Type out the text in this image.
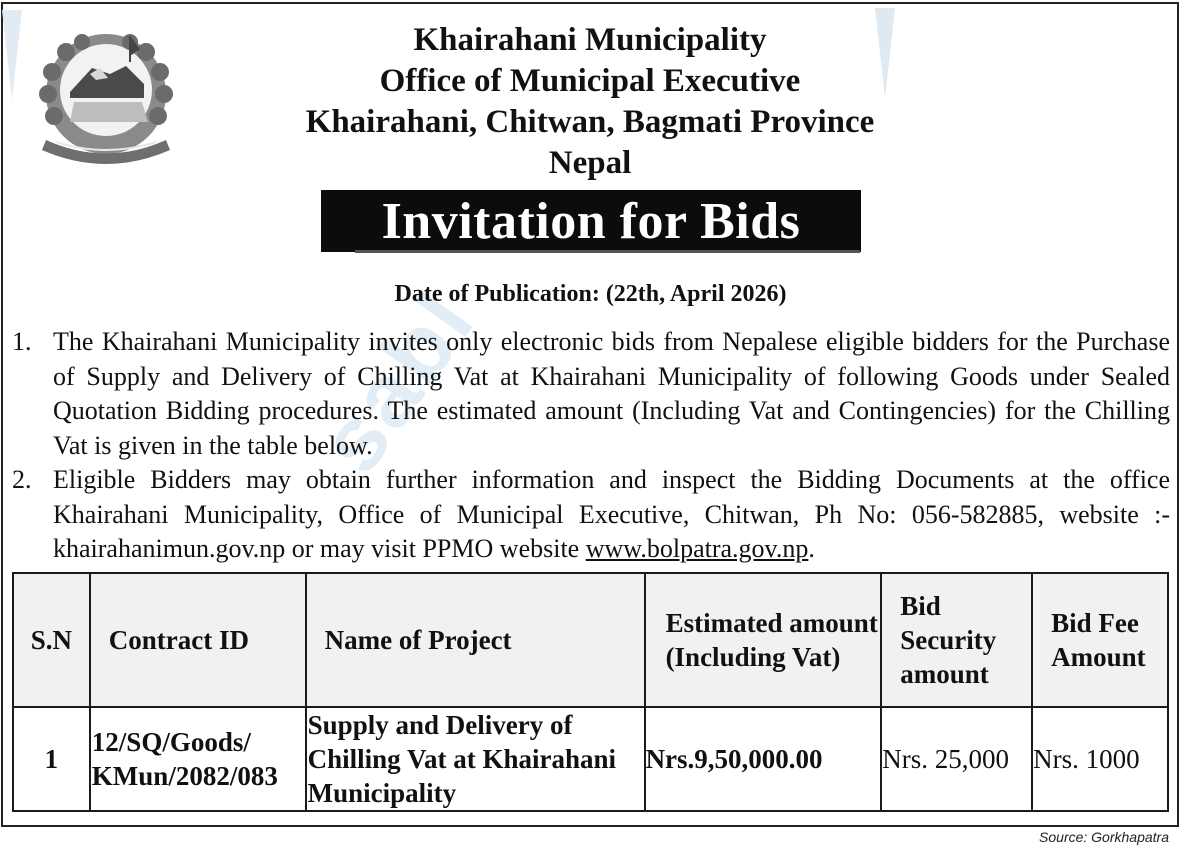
sabl
Khairahani Municipality
Office of Municipal Executive
Khairahani, Chitwan, Bagmati Province
Nepal
Invitation for Bids
Date of Publication: (22th, April 2026)
1. The Khairahani Municipality invites only electronic bids from Nepalese eligible bidders for the Purchase of Supply and Delivery of Chilling Vat at Khairahani Municipality of following Goods under Sealed Quotation Bidding procedures. The estimated amount (Including Vat and Contingencies) for the Chilling Vat is given in the table below.
2. Eligible Bidders may obtain further information and inspect the Bidding Documents at the office Khairahani Municipality, Office of Municipal Executive, Chitwan, Ph No: 056-582885, website :-khairahanimun.gov.np or may visit PPMO website www.bolpatra.gov.np.
S.N	Contract ID	Name of Project	Estimated amount (Including Vat)	Bid Security amount	Bid Fee Amount
1	12/SQ/Goods/ KMun/2082/083	Supply and Delivery of Chilling Vat at Khairahani Municipality	Nrs.9,50,000.00	Nrs. 25,000	Nrs. 1000
Source: Gorkhapatra
